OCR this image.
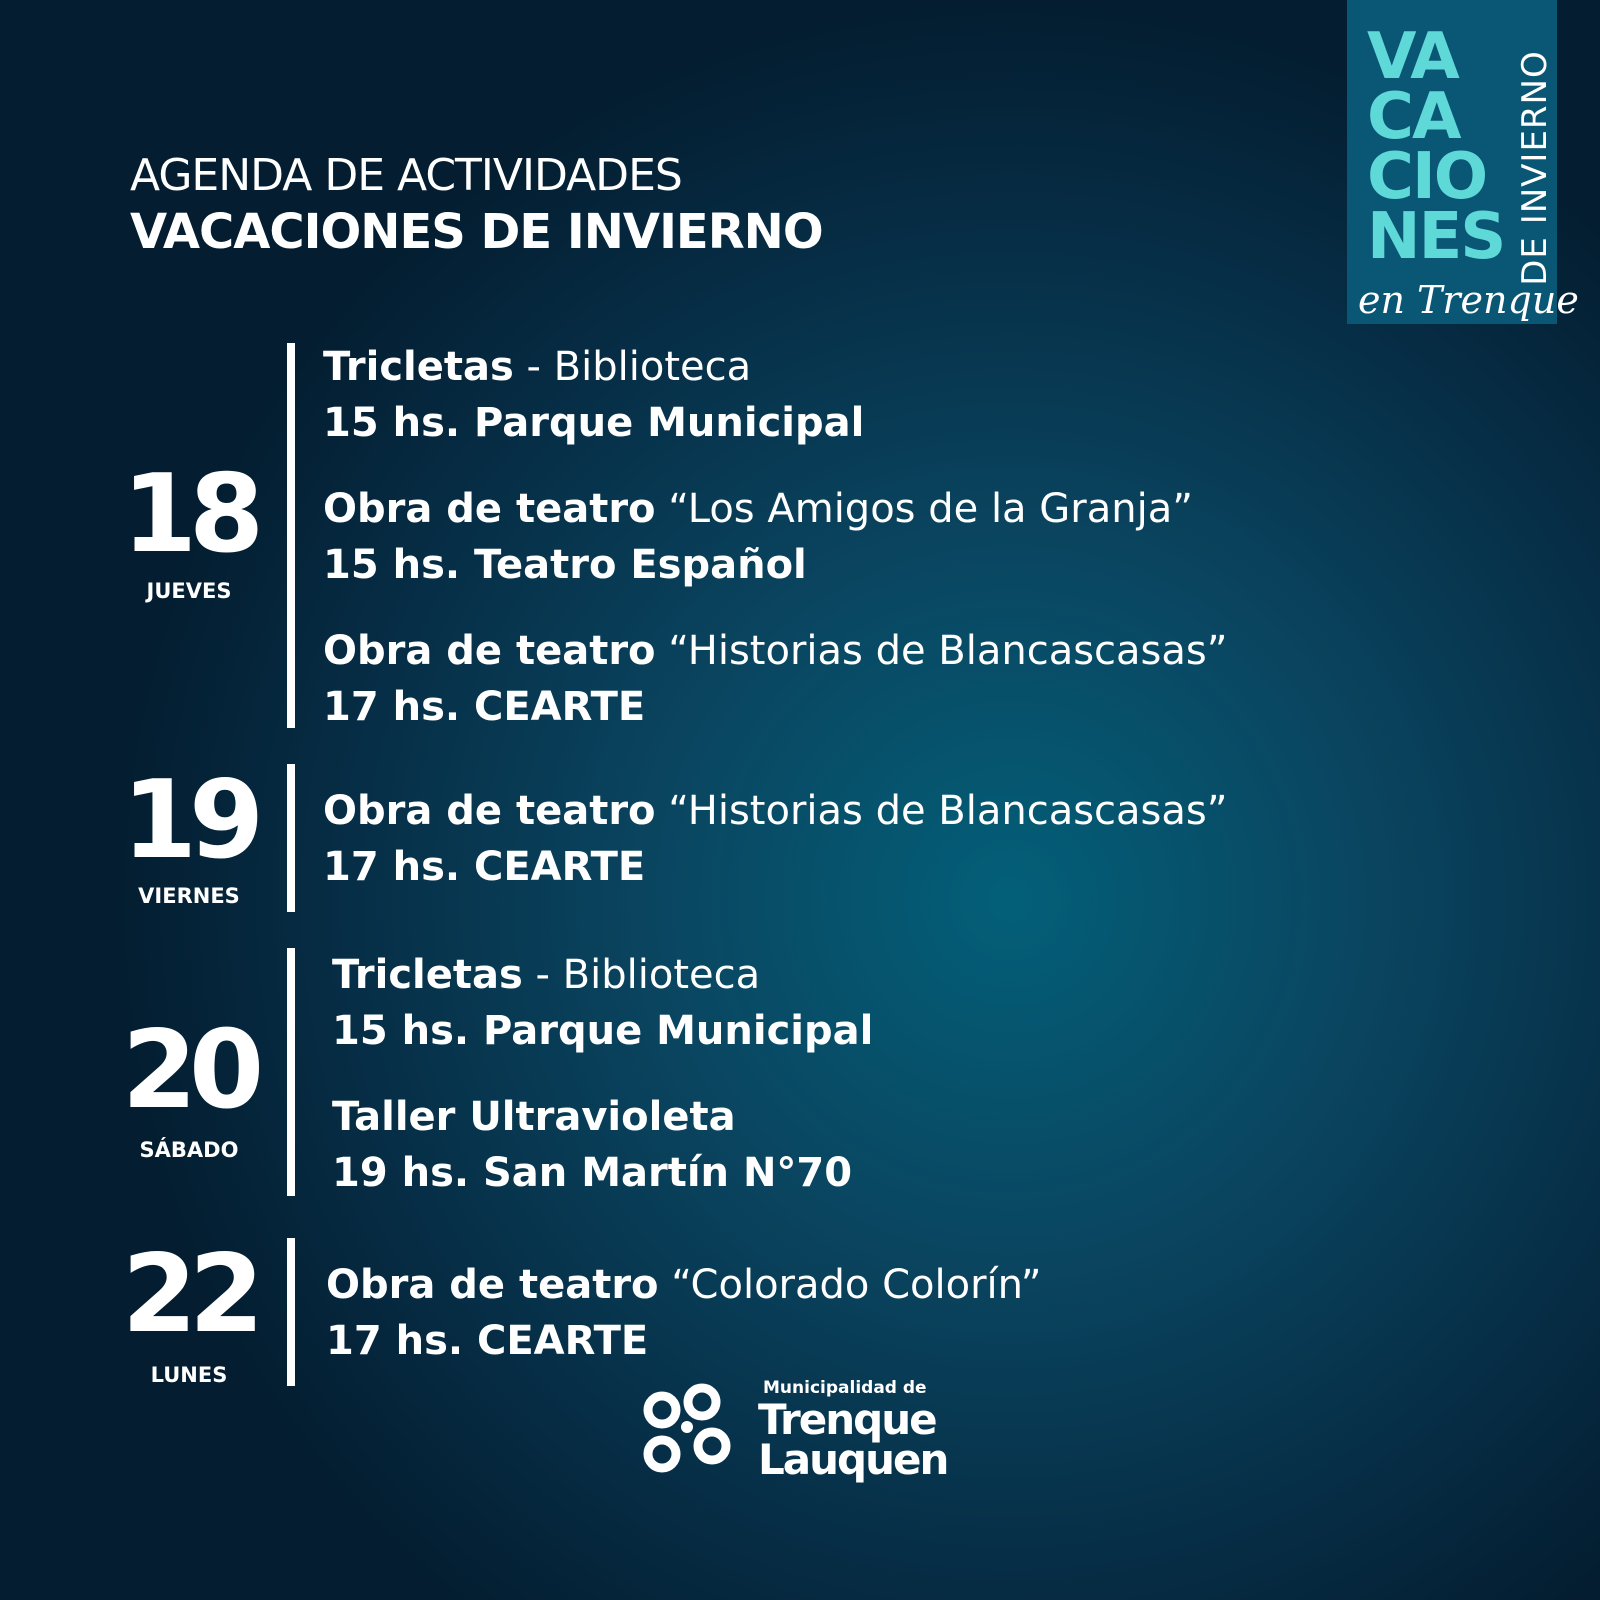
AGENDA DE ACTIVIDADES
VACACIONES DE INVIERNO
VA
CA
CIO
NES DE INVIERNO
en Trenque
18
JUEVES
Tricletas - Biblioteca
15 hs. Parque Municipal
Obra de teatro “Los Amigos de la Granja”
15 hs. Teatro Español
Obra de teatro “Historias de Blancascasas”
17 hs. CEARTE
19
VIERNES
Obra de teatro “Historias de Blancascasas”
17 hs. CEARTE
20
SÁBADO
Tricletas - Biblioteca
15 hs. Parque Municipal
Taller Ultravioleta
19 hs. San Martín N°70
22
LUNES
Obra de teatro “Colorado Colorín”
17 hs. CEARTE
Municipalidad de
Trenque
Lauquen
